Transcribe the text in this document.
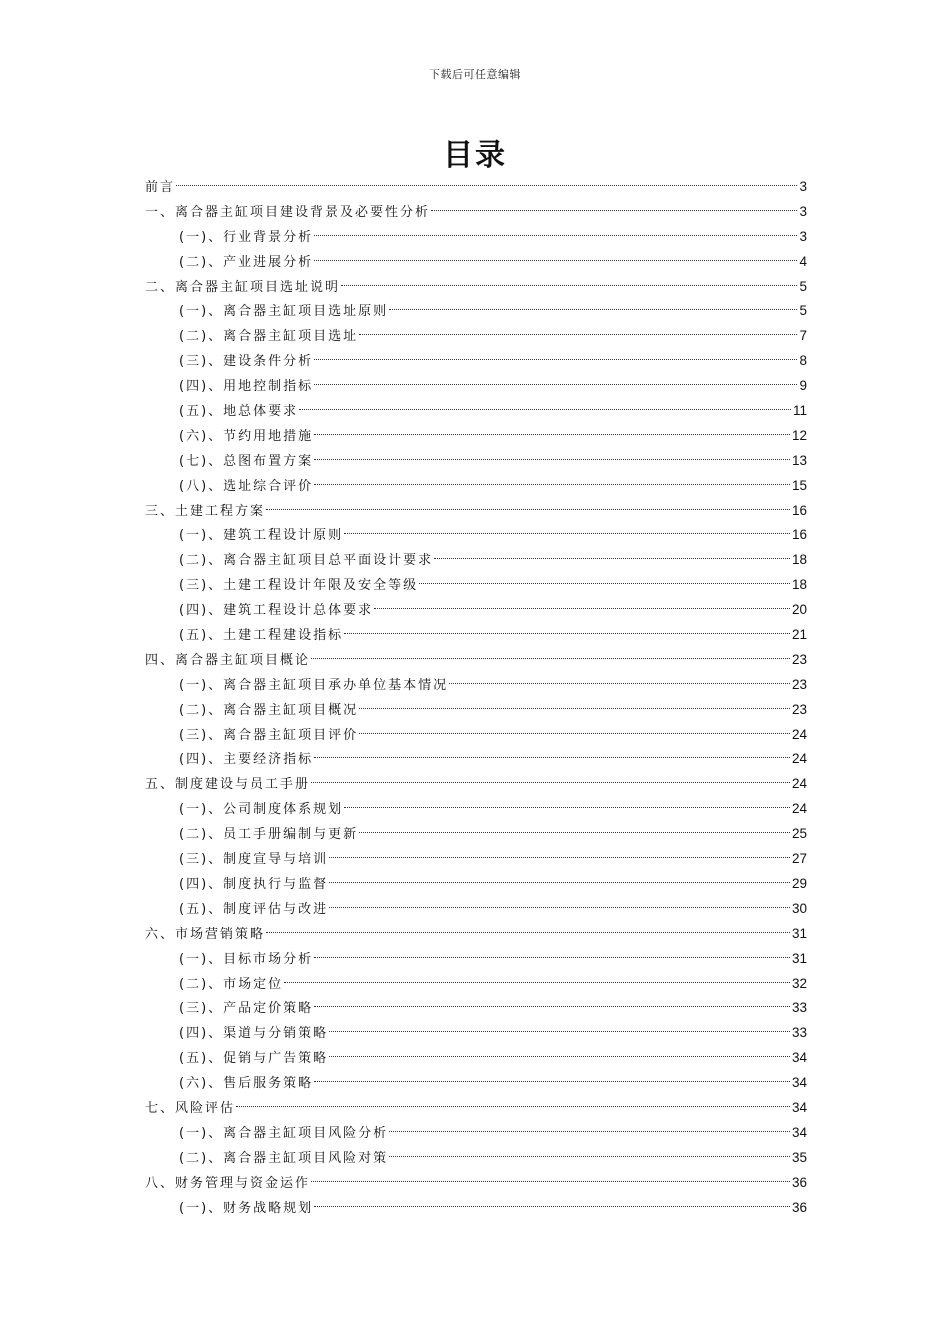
下载后可任意编辑
目录
前言	3
一、离合器主缸项目建设背景及必要性分析	3
(一)、行业背景分析	3
(二)、产业进展分析	4
二、离合器主缸项目选址说明	5
(一)、离合器主缸项目选址原则	5
(二)、离合器主缸项目选址	7
(三)、建设条件分析	8
(四)、用地控制指标	9
(五)、地总体要求	11
(六)、节约用地措施	12
(七)、总图布置方案	13
(八)、选址综合评价	15
三、土建工程方案	16
(一)、建筑工程设计原则	16
(二)、离合器主缸项目总平面设计要求	18
(三)、土建工程设计年限及安全等级	18
(四)、建筑工程设计总体要求	20
(五)、土建工程建设指标	21
四、离合器主缸项目概论	23
(一)、离合器主缸项目承办单位基本情况	23
(二)、离合器主缸项目概况	23
(三)、离合器主缸项目评价	24
(四)、主要经济指标	24
五、制度建设与员工手册	24
(一)、公司制度体系规划	24
(二)、员工手册编制与更新	25
(三)、制度宣导与培训	27
(四)、制度执行与监督	29
(五)、制度评估与改进	30
六、市场营销策略	31
(一)、目标市场分析	31
(二)、市场定位	32
(三)、产品定价策略	33
(四)、渠道与分销策略	33
(五)、促销与广告策略	34
(六)、售后服务策略	34
七、风险评估	34
(一)、离合器主缸项目风险分析	34
(二)、离合器主缸项目风险对策	35
八、财务管理与资金运作	36
(一)、财务战略规划	36
